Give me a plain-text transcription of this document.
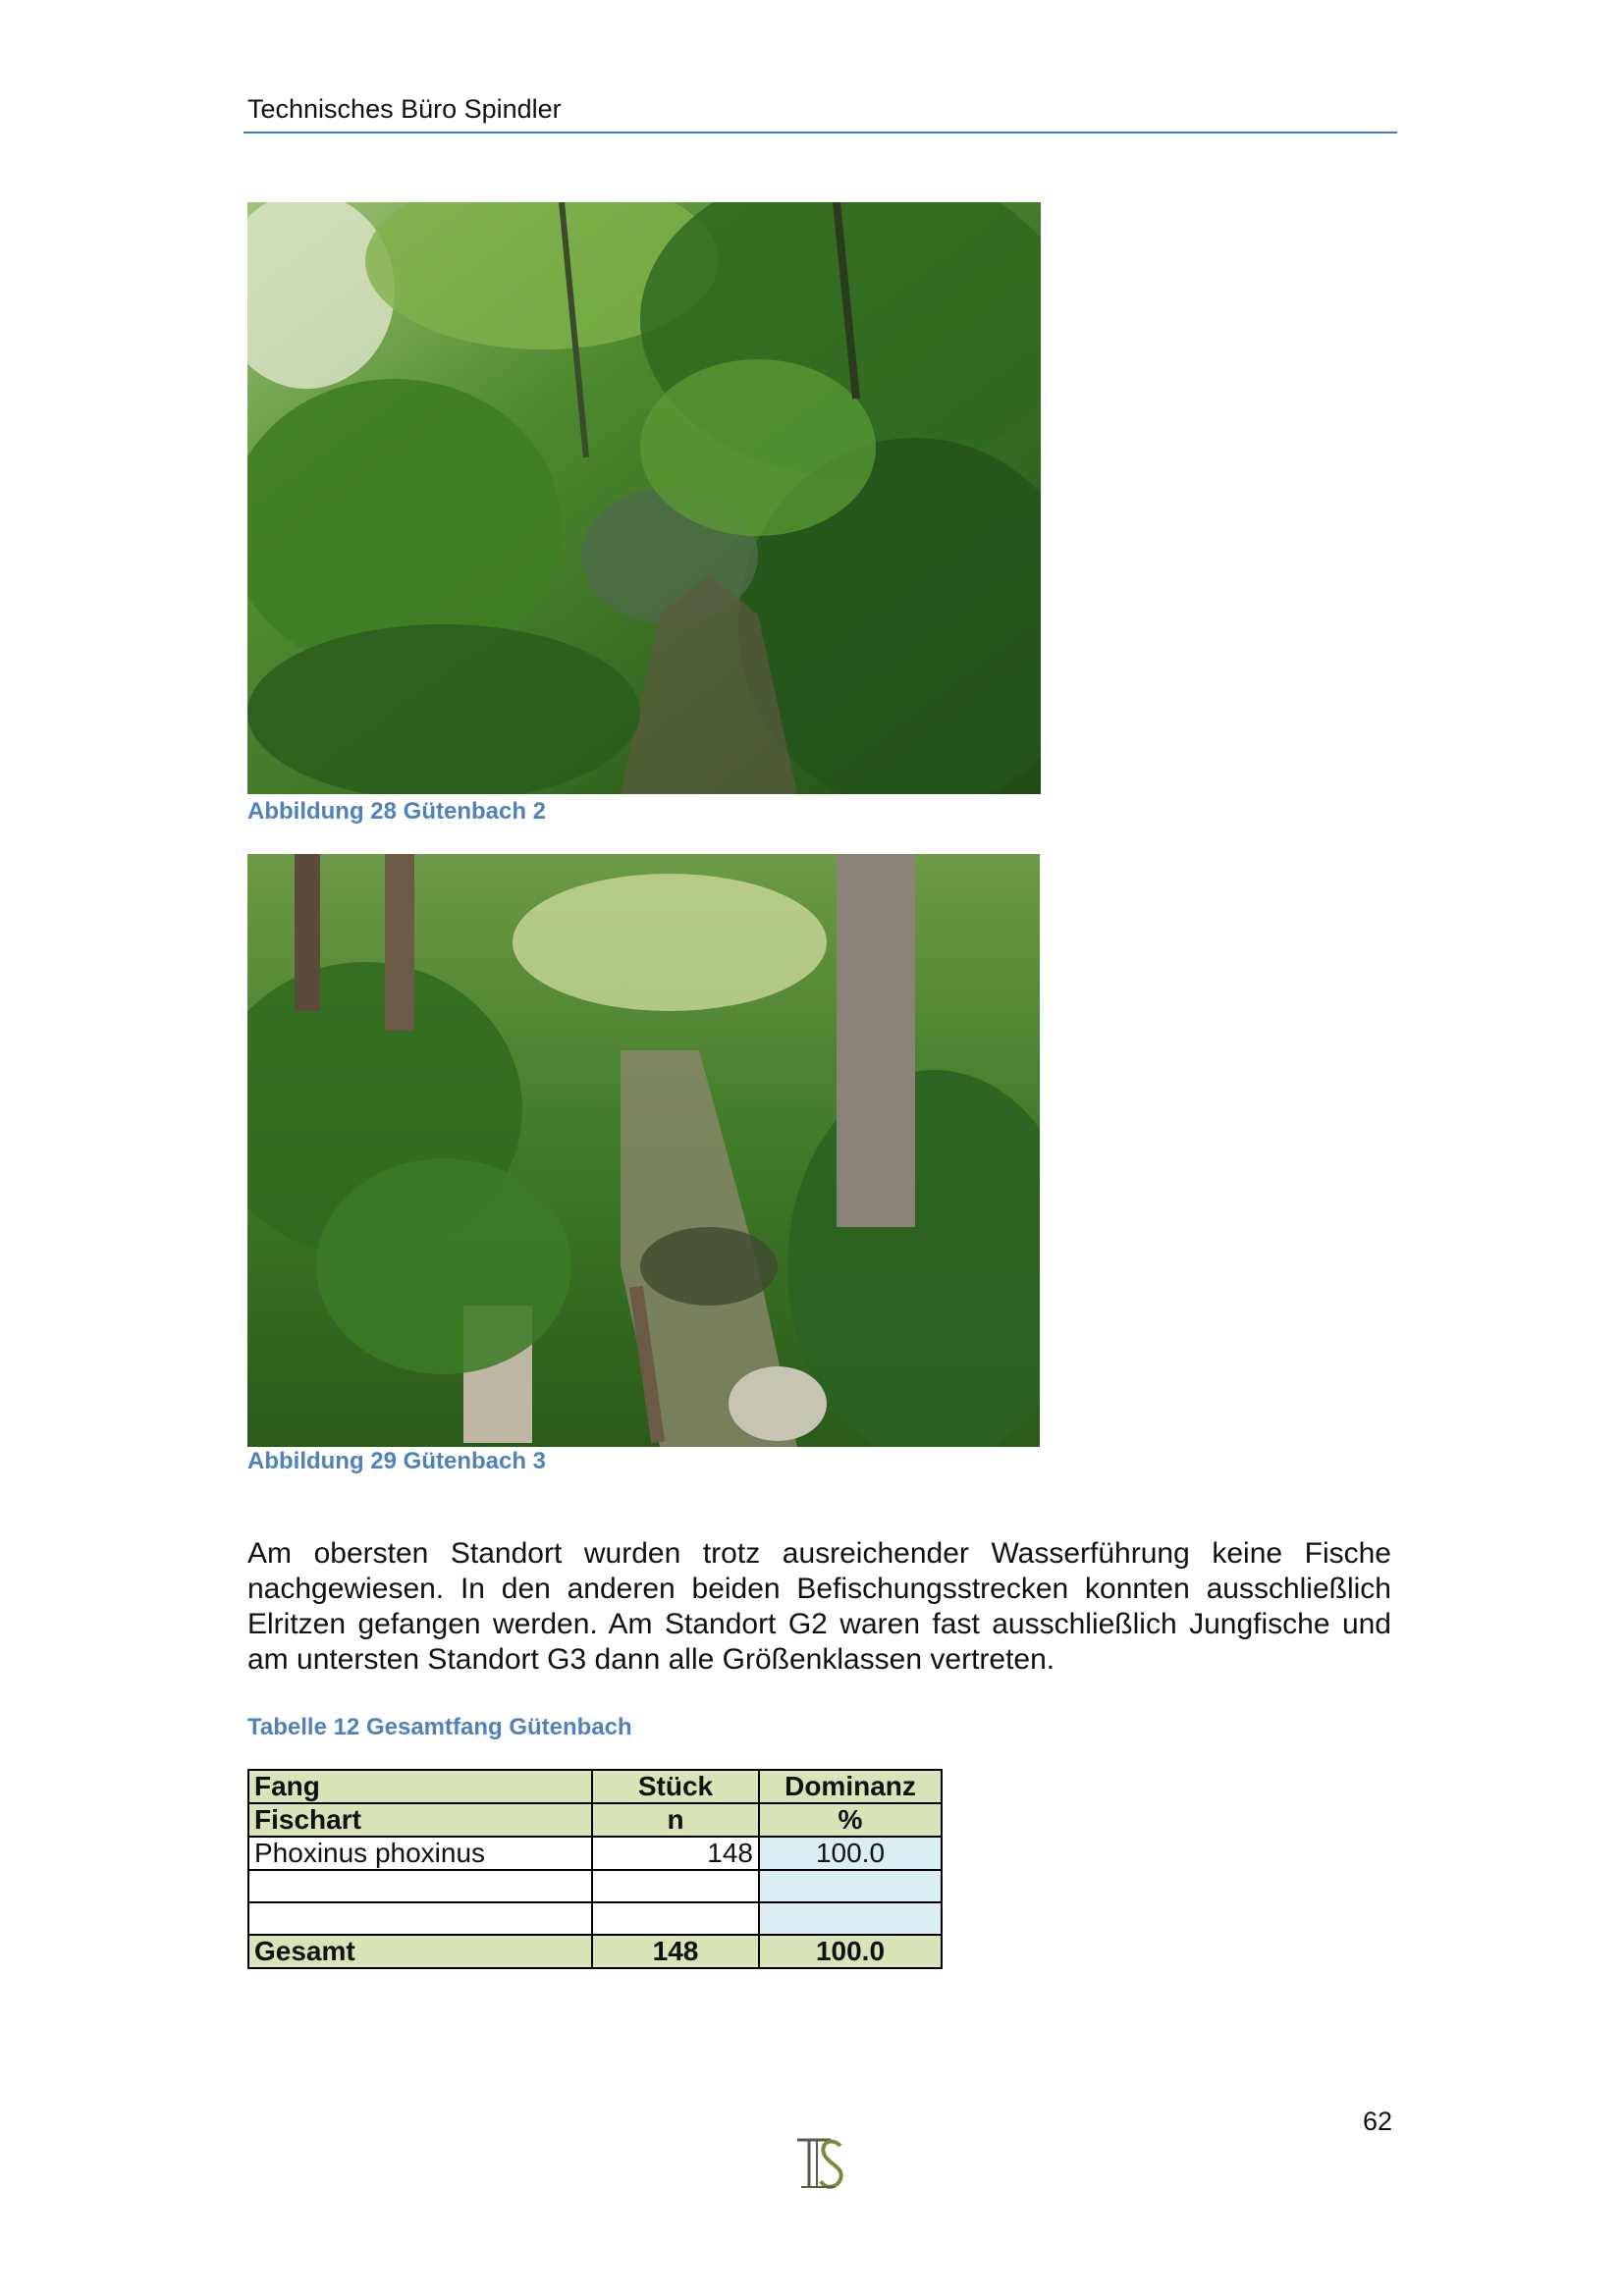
Technisches Büro Spindler
Abbildung 28 Gütenbach 2
Abbildung 29 Gütenbach 3
Am obersten Standort wurden trotz ausreichender Wasserführung keine Fische nachgewiesen. In den anderen beiden Befischungsstrecken konnten ausschließlich Elritzen gefangen werden. Am Standort G2 waren fast ausschließlich Jungfische und am untersten Standort G3 dann alle Größenklassen vertreten.
Tabelle 12 Gesamtfang Gütenbach
Fang	Stück	Dominanz
Fischart	n	%
Phoxinus phoxinus	148	100.0

Gesamt	148	100.0
62
